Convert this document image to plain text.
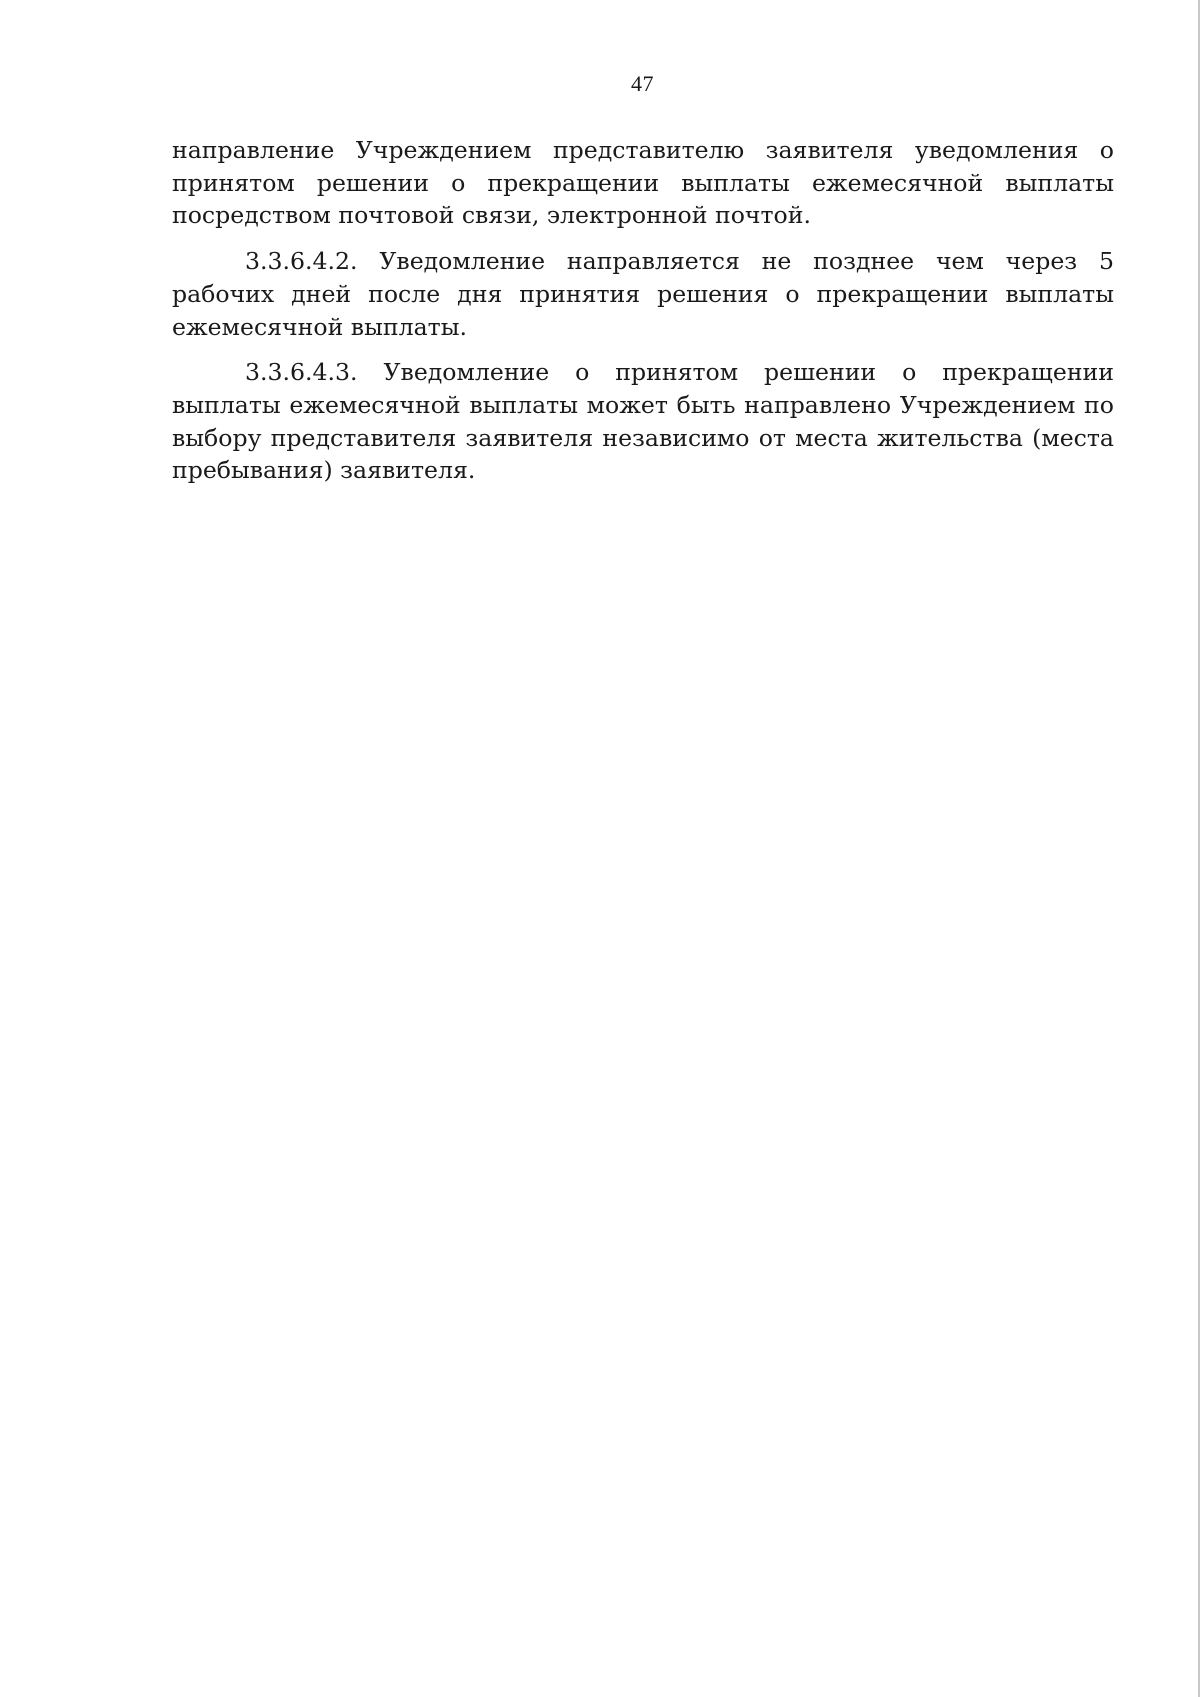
47

направление Учреждением представителю заявителя уведомления о принятом решении о прекращении выплаты ежемесячной выплаты посредством почтовой связи, электронной почтой.

3.3.6.4.2. Уведомление направляется не позднее чем через 5 рабочих дней после дня принятия решения о прекращении выплаты ежемесячной выплаты.

3.3.6.4.3. Уведомление о принятом решении о прекращении выплаты ежемесячной выплаты может быть направлено Учреждением по выбору представителя заявителя независимо от места жительства (места пребывания) заявителя.
